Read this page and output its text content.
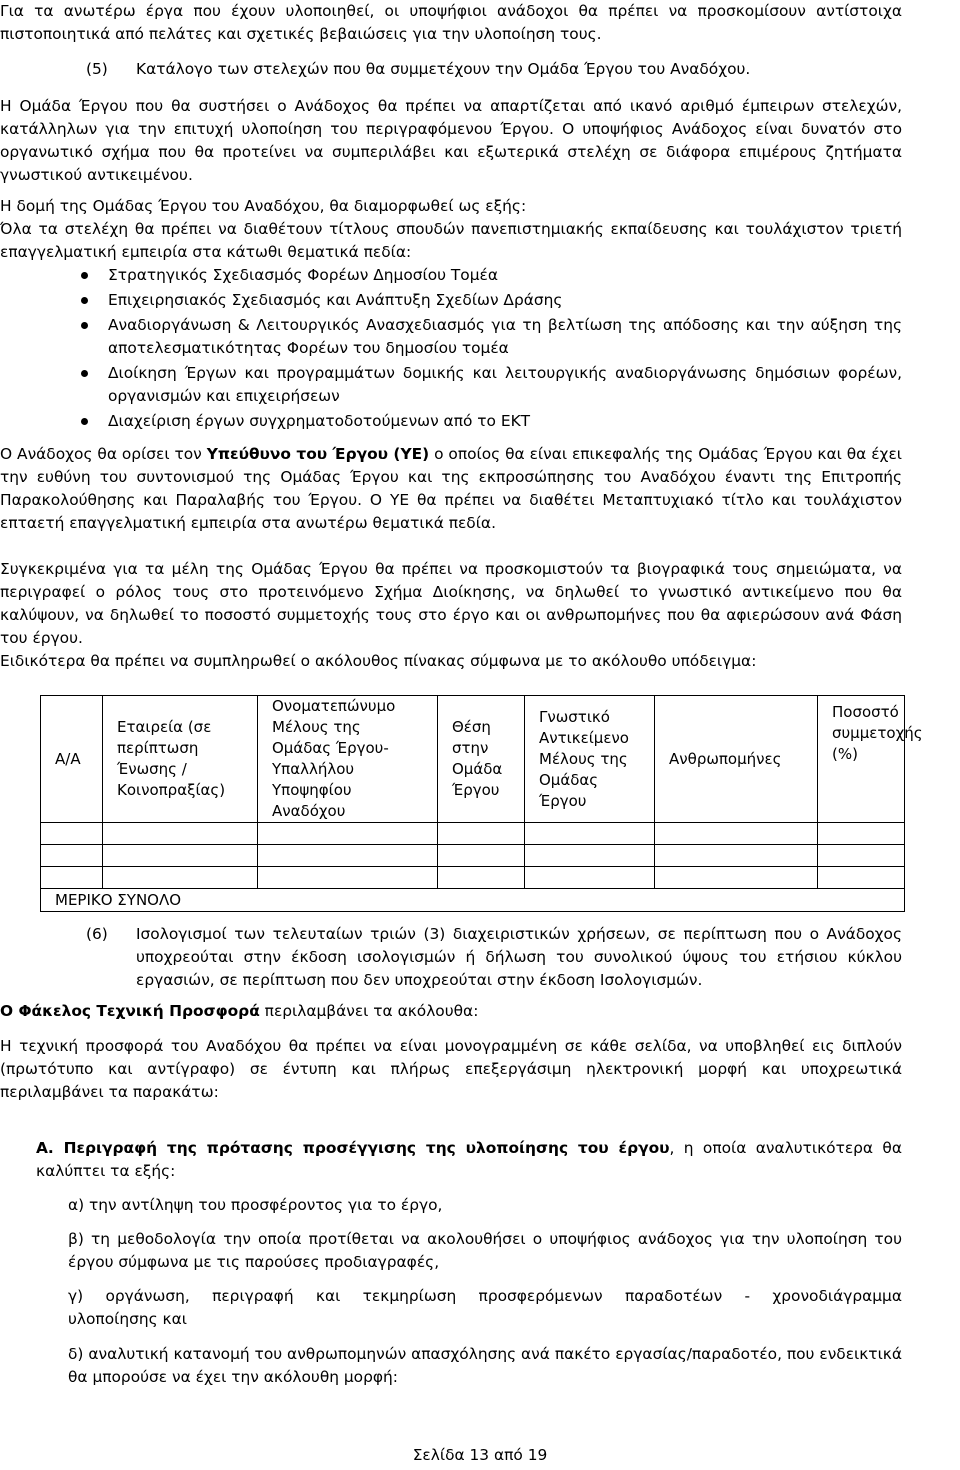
Για τα ανωτέρω έργα που έχουν υλοποιηθεί, οι υποψήφιοι ανάδοχοι θα πρέπει να προσκομίσουν αντίστοιχα πιστοποιητικά από πελάτες και σχετικές βεβαιώσεις για την υλοποίηση τους.

(5) Κατάλογο των στελεχών που θα συμμετέχουν την Ομάδα Έργου του Αναδόχου.

Η Ομάδα Έργου που θα συστήσει ο Ανάδοχος θα πρέπει να απαρτίζεται από ικανό αριθμό έμπειρων στελεχών, κατάλληλων για την επιτυχή υλοποίηση του περιγραφόμενου Έργου. Ο υποψήφιος Ανάδοχος είναι δυνατόν στο οργανωτικό σχήμα που θα προτείνει να συμπεριλάβει και εξωτερικά στελέχη σε διάφορα επιμέρους ζητήματα γνωστικού αντικειμένου.

Η δομή της Ομάδας Έργου του Αναδόχου, θα διαμορφωθεί ως εξής:

Όλα τα στελέχη θα πρέπει να διαθέτουν τίτλους σπουδών πανεπιστημιακής εκπαίδευσης και τουλάχιστον τριετή επαγγελματική εμπειρία στα κάτωθι θεματικά πεδία:

Στρατηγικός Σχεδιασμός Φορέων Δημοσίου Τομέα
Επιχειρησιακός Σχεδιασμός και Ανάπτυξη Σχεδίων Δράσης
Αναδιοργάνωση & Λειτουργικός Ανασχεδιασμός για τη βελτίωση της απόδοσης και την αύξηση της αποτελεσματικότητας Φορέων του δημοσίου τομέα
Διοίκηση Έργων και προγραμμάτων δομικής και λειτουργικής αναδιοργάνωσης δημόσιων φορέων, οργανισμών και επιχειρήσεων
Διαχείριση έργων συγχρηματοδοτούμενων από το ΕΚΤ

Ο Ανάδοχος θα ορίσει τον Υπεύθυνο του Έργου (ΥΕ) ο οποίος θα είναι επικεφαλής της Ομάδας Έργου και θα έχει την ευθύνη του συντονισμού της Ομάδας Έργου και της εκπροσώπησης του Αναδόχου έναντι της Επιτροπής Παρακολούθησης και Παραλαβής του Έργου. Ο ΥΕ θα πρέπει να διαθέτει Μεταπτυχιακό τίτλο και τουλάχιστον επταετή επαγγελματική εμπειρία στα ανωτέρω θεματικά πεδία.

Συγκεκριμένα για τα μέλη της Ομάδας Έργου θα πρέπει να προσκομιστούν τα βιογραφικά τους σημειώματα, να περιγραφεί ο ρόλος τους στο προτεινόμενο Σχήμα Διοίκησης, να δηλωθεί το γνωστικό αντικείμενο που θα καλύψουν, να δηλωθεί το ποσοστό συμμετοχής τους στο έργο και οι ανθρωπομήνες που θα αφιερώσουν ανά Φάση του έργου.

Ειδικότερα θα πρέπει να συμπληρωθεί ο ακόλουθος πίνακας σύμφωνα με το ακόλουθο υπόδειγμα:

Α/Α	Εταιρεία (σε περίπτωση Ένωσης / Κοινοπραξίας)	Ονοματεπώνυμο Μέλους της Ομάδας Έργου-Υπαλλήλου Υποψηφίου Αναδόχου	Θέση στην Ομάδα Έργου	Γνωστικό Αντικείμενο Μέλους της Ομάδας Έργου	Ανθρωπομήνες	Ποσοστό συμμετοχής (%)

ΜΕΡΙΚΟ ΣΥΝΟΛΟ						
(6) Ισολογισμοί των τελευταίων τριών (3) διαχειριστικών χρήσεων, σε περίπτωση που ο Ανάδοχος υποχρεούται στην έκδοση ισολογισμών ή δήλωση του συνολικού ύψους του ετήσιου κύκλου εργασιών, σε περίπτωση που δεν υποχρεούται στην έκδοση Ισολογισμών.

Ο Φάκελος Τεχνική Προσφορά περιλαμβάνει τα ακόλουθα:

Η τεχνική προσφορά του Αναδόχου θα πρέπει να είναι μονογραμμένη σε κάθε σελίδα, να υποβληθεί εις διπλούν (πρωτότυπο και αντίγραφο) σε έντυπη και πλήρως επεξεργάσιμη ηλεκτρονική μορφή και υποχρεωτικά περιλαμβάνει τα παρακάτω:

Α. Περιγραφή της πρότασης προσέγγισης της υλοποίησης του έργου, η οποία αναλυτικότερα θα καλύπτει τα εξής:

α) την αντίληψη του προσφέροντος για το έργο,

β) τη μεθοδολογία την οποία προτίθεται να ακολουθήσει ο υποψήφιος ανάδοχος για την υλοποίηση του έργου σύμφωνα με τις παρούσες προδιαγραφές,

γ) οργάνωση, περιγραφή και τεκμηρίωση προσφερόμενων παραδοτέων - χρονοδιάγραμμα
υλοποίησης και

δ) αναλυτική κατανομή του ανθρωπομηνών απασχόλησης ανά πακέτο εργασίας/παραδοτέο, που ενδεικτικά θα μπορούσε να έχει την ακόλουθη μορφή:

Σελίδα 13 από 19
